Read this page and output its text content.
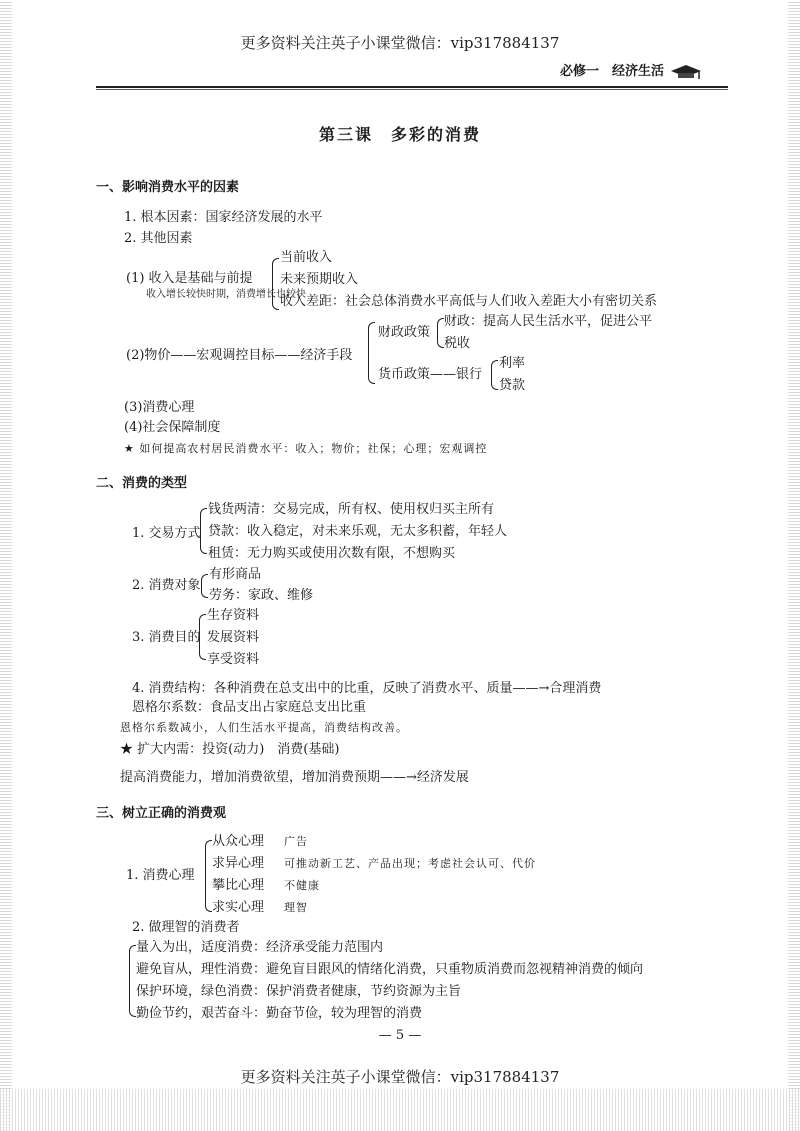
更多资料关注英子小课堂微信：vip317884137
必修一　经济生活
第三课　多彩的消费
一、影响消费水平的因素
1. 根本因素：国家经济发展的水平
2. 其他因素
(1) 收入是基础与前提
收入增长较快时期，消费增长也较快
当前收入
未来预期收入
收入差距：社会总体消费水平高低与人们收入差距大小有密切关系
(2)物价——宏观调控目标——经济手段
财政政策
财政：提高人民生活水平，促进公平
税收
货币政策——银行
利率
贷款
(3)消费心理
(4)社会保障制度
★ 如何提高农村居民消费水平：收入；物价；社保；心理；宏观调控
二、消费的类型
1. 交易方式
钱货两清：交易完成，所有权、使用权归买主所有
贷款：收入稳定，对未来乐观，无太多积蓄，年轻人
租赁：无力购买或使用次数有限，不想购买
2. 消费对象
有形商品
劳务：家政、维修
3. 消费目的
生存资料
发展资料
享受资料
4. 消费结构：各种消费在总支出中的比重，反映了消费水平、质量——→合理消费
恩格尔系数：食品支出占家庭总支出比重
恩格尔系数减小，人们生活水平提高，消费结构改善。
★ 扩大内需：投资(动力)　消费(基础)
提高消费能力，增加消费欲望，增加消费预期——→经济发展
三、树立正确的消费观
1. 消费心理
从众心理 广告
求异心理 可推动新工艺、产品出现；考虑社会认可、代价
攀比心理 不健康
求实心理 理智
2. 做理智的消费者
量入为出，适度消费：经济承受能力范围内
避免盲从，理性消费：避免盲目跟风的情绪化消费，只重物质消费而忽视精神消费的倾向
保护环境，绿色消费：保护消费者健康，节约资源为主旨
勤俭节约，艰苦奋斗：勤奋节俭，较为理智的消费
— 5 —
更多资料关注英子小课堂微信：vip317884137
